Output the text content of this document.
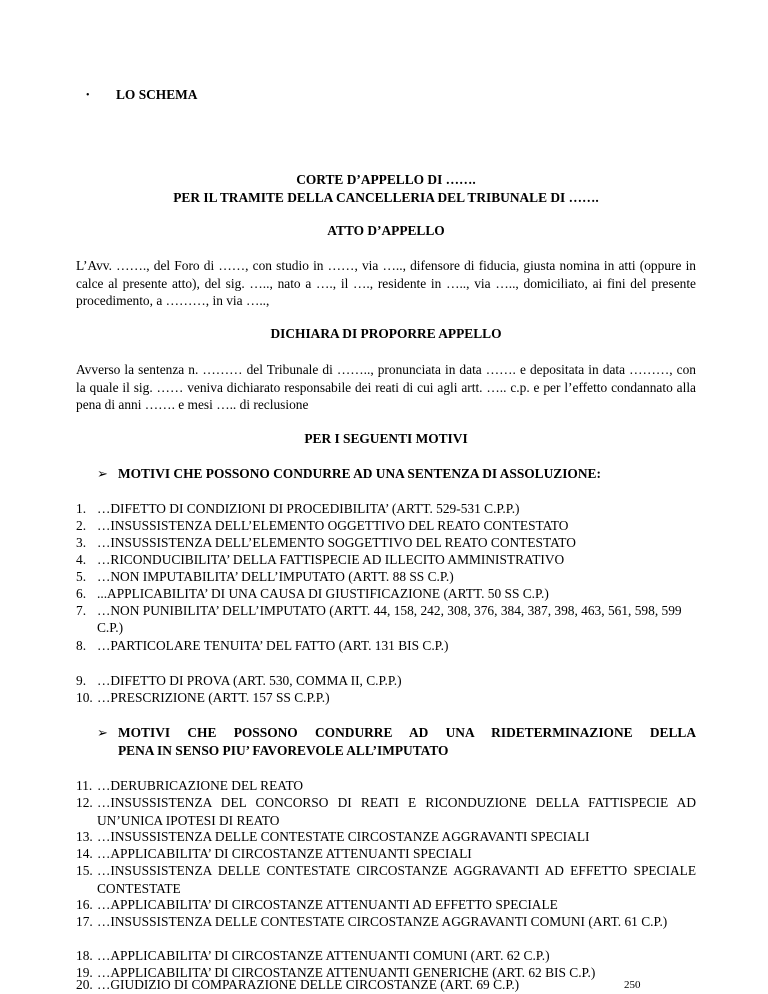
• LO SCHEMA
CORTE D’APPELLO DI …….
PER IL TRAMITE DELLA CANCELLERIA DEL TRIBUNALE DI …….
ATTO D’APPELLO
L’Avv. ……., del Foro di ……, con studio in ……, via ….., difensore di fiducia, giusta nomina in atti (oppure in calce al presente atto), del sig. ….., nato a …., il …., residente in ….., via ….., domiciliato, ai fini del presente procedimento, a ………, in via …..,
DICHIARA DI PROPORRE APPELLO
Avverso la sentenza n. ……… del Tribunale di …….., pronunciata in data ……. e depositata in data ………, con la quale il sig. …… veniva dichiarato responsabile dei reati di cui agli artt. ….. c.p. e per l’effetto condannato alla pena di anni ……. e mesi ….. di reclusione
PER I SEGUENTI MOTIVI
➢ MOTIVI CHE POSSONO CONDURRE AD UNA SENTENZA DI ASSOLUZIONE:
1. …DIFETTO DI CONDIZIONI DI PROCEDIBILITA’ (ARTT. 529-531 C.P.P.)
2. …INSUSSISTENZA DELL’ELEMENTO OGGETTIVO DEL REATO CONTESTATO
3. …INSUSSISTENZA DELL’ELEMENTO SOGGETTIVO DEL REATO CONTESTATO
4. …RICONDUCIBILITA’ DELLA FATTISPECIE AD ILLECITO AMMINISTRATIVO
5. …NON IMPUTABILITA’ DELL’IMPUTATO (ARTT. 88 SS C.P.)
6. ...APPLICABILITA’ DI UNA CAUSA DI GIUSTIFICAZIONE (ARTT. 50 SS C.P.)
7. …NON PUNIBILITA’ DELL’IMPUTATO (ARTT. 44, 158, 242, 308, 376, 384, 387, 398, 463, 561, 598, 599 C.P.)
8. …PARTICOLARE TENUITA’ DEL FATTO (ART. 131 BIS C.P.)
9. …DIFETTO DI PROVA (ART. 530, COMMA II, C.P.P.)
10. …PRESCRIZIONE (ARTT. 157 SS C.P.P.)
➢ MOTIVI CHE POSSONO CONDURRE AD UNA RIDETERMINAZIONE DELLA
PENA IN SENSO PIU’ FAVOREVOLE ALL’IMPUTATO
11. …DERUBRICAZIONE DEL REATO
12. …INSUSSISTENZA DEL CONCORSO DI REATI E RICONDUZIONE DELLA FATTISPECIE AD UN’UNICA IPOTESI DI REATO
13. …INSUSSISTENZA DELLE CONTESTATE CIRCOSTANZE AGGRAVANTI SPECIALI
14. …APPLICABILITA’ DI CIRCOSTANZE ATTENUANTI SPECIALI
15. …INSUSSISTENZA DELLE CONTESTATE CIRCOSTANZE AGGRAVANTI AD EFFETTO SPECIALE CONTESTATE
16. …APPLICABILITA’ DI CIRCOSTANZE ATTENUANTI AD EFFETTO SPECIALE
17. …INSUSSISTENZA DELLE CONTESTATE CIRCOSTANZE AGGRAVANTI COMUNI (ART. 61 C.P.)
18. …APPLICABILITA’ DI CIRCOSTANZE ATTENUANTI COMUNI (ART. 62 C.P.)
19. …APPLICABILITA’ DI CIRCOSTANZE ATTENUANTI GENERICHE (ART. 62 BIS C.P.)
20. …GIUDIZIO DI COMPARAZIONE DELLE CIRCOSTANZE (ART. 69 C.P.)	250
